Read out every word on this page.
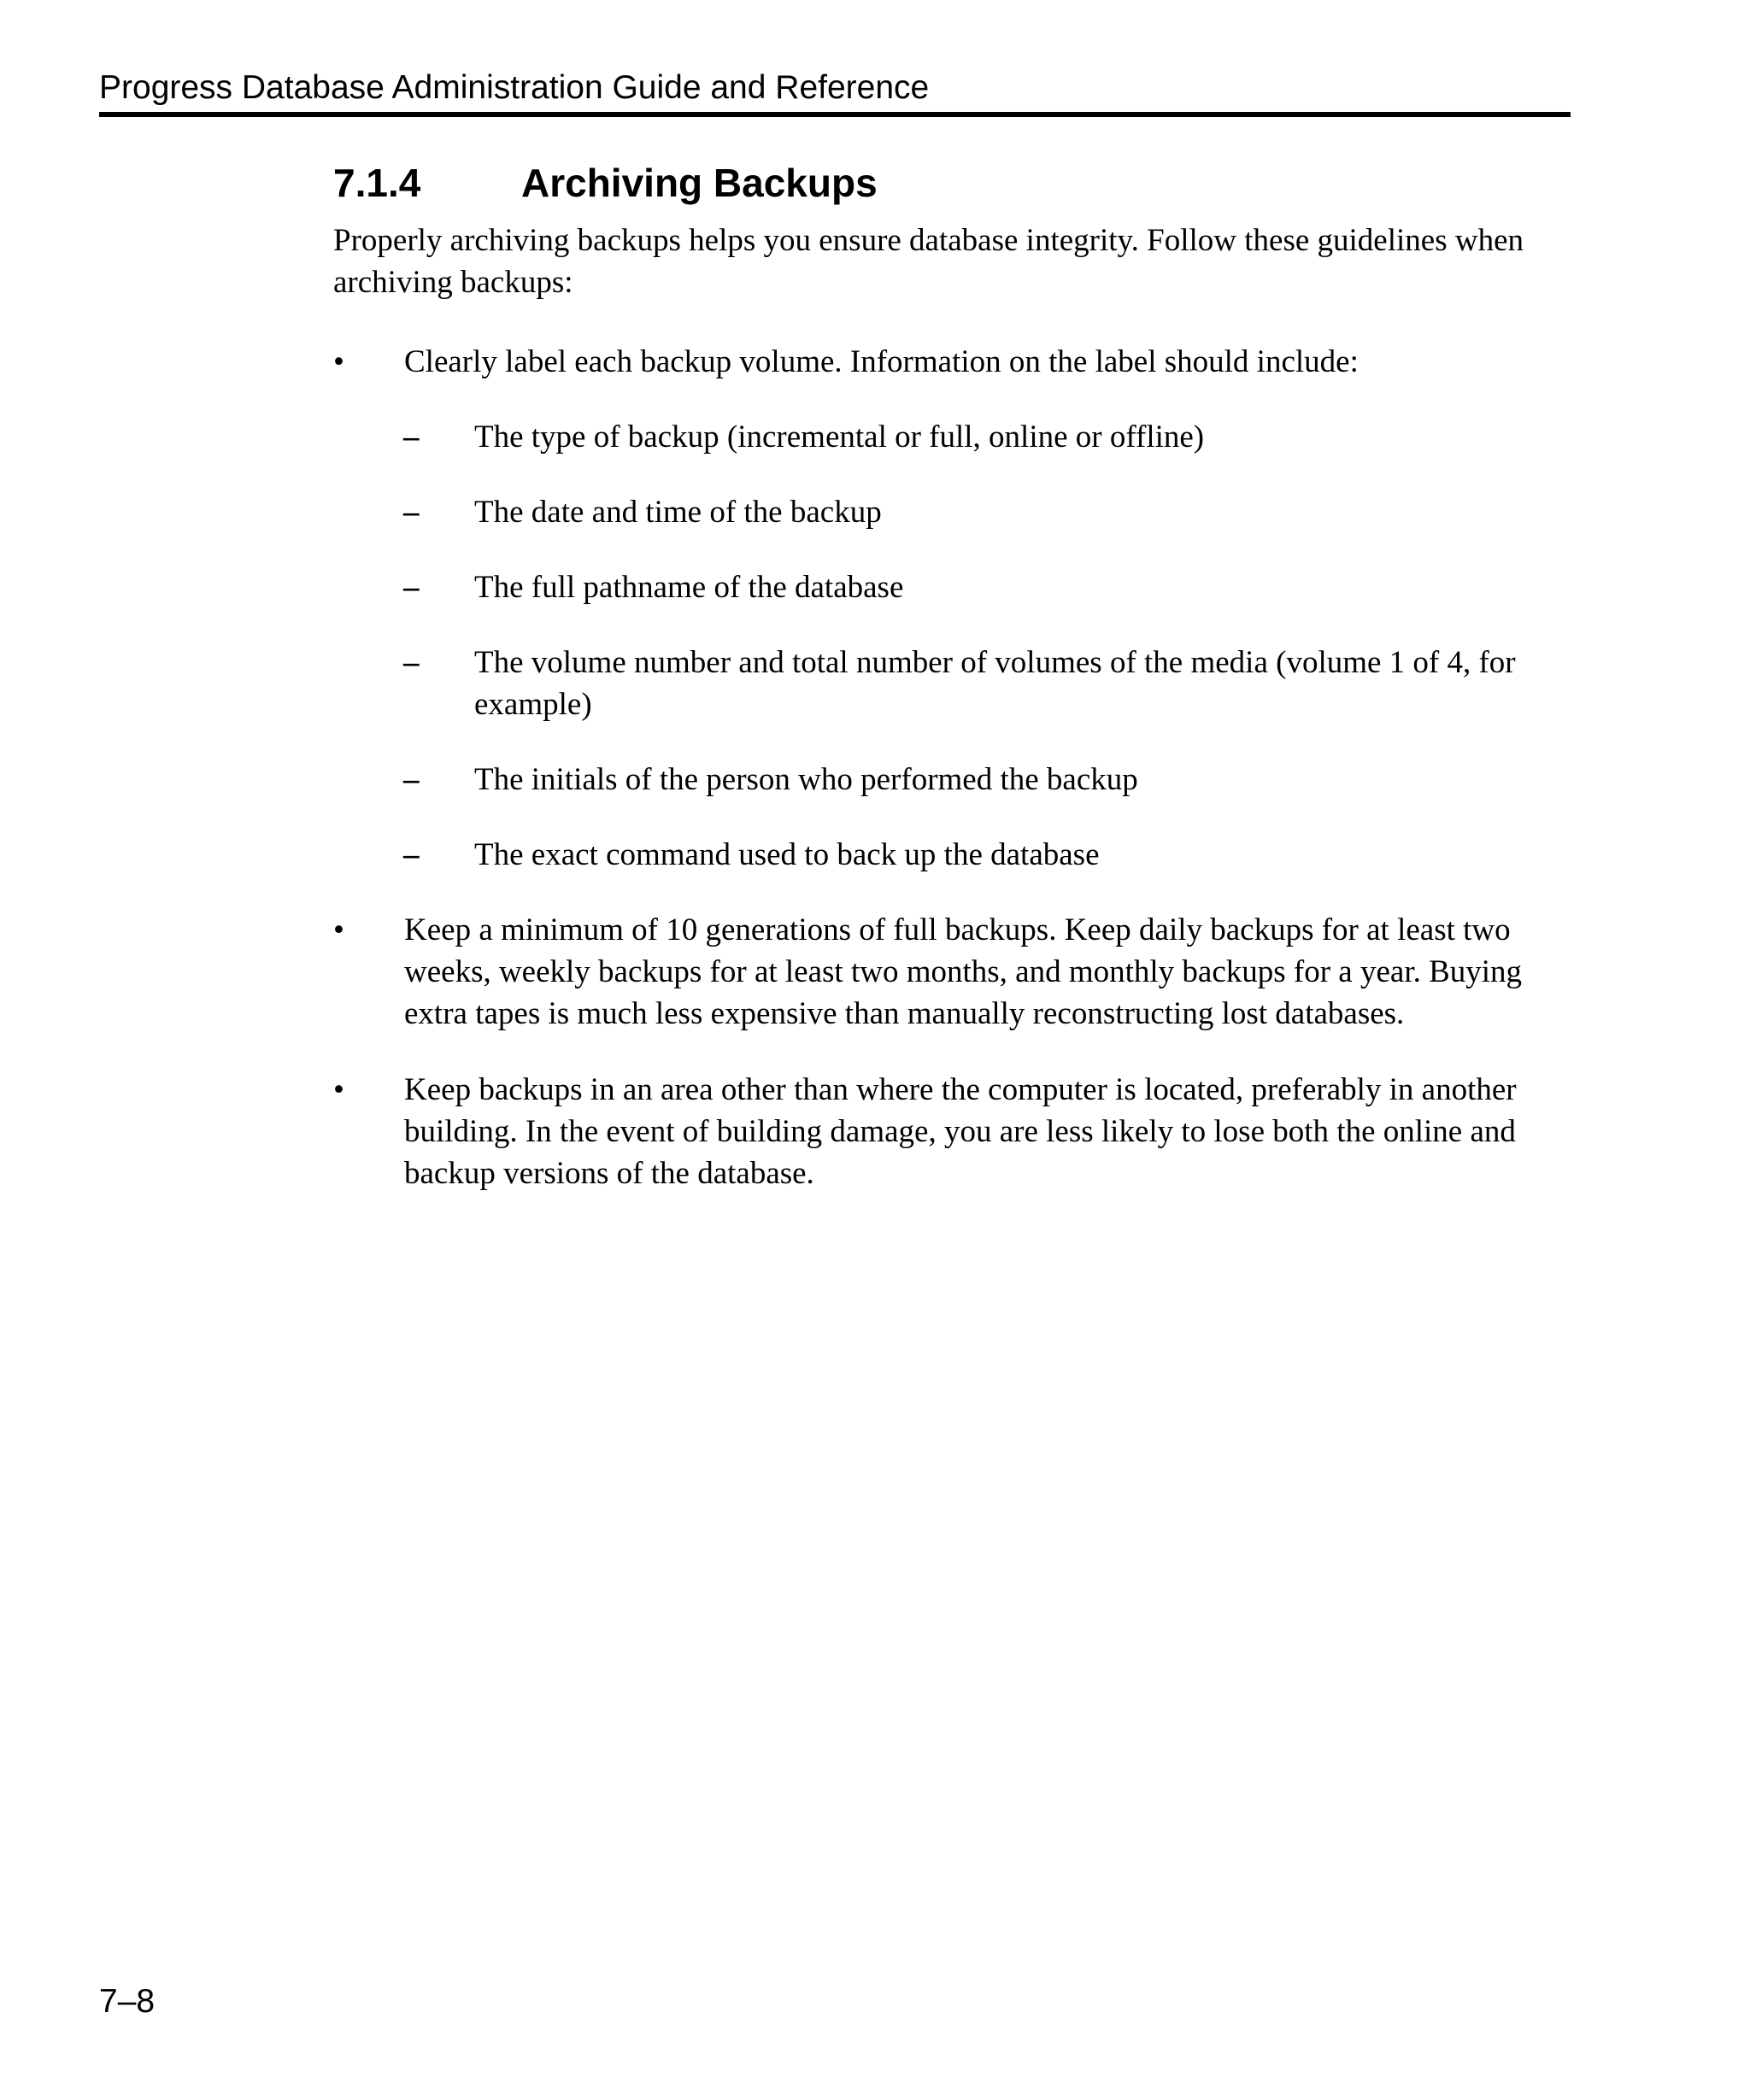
Progress Database Administration Guide and Reference
7.1.4	Archiving Backups
Properly archiving backups helps you ensure database integrity. Follow these guidelines when archiving backups:
• Clearly label each backup volume. Information on the label should include:
– The type of backup (incremental or full, online or offline)
– The date and time of the backup
– The full pathname of the database
– The volume number and total number of volumes of the media (volume 1 of 4, for example)
– The initials of the person who performed the backup
– The exact command used to back up the database
• Keep a minimum of 10 generations of full backups. Keep daily backups for at least two weeks, weekly backups for at least two months, and monthly backups for a year. Buying extra tapes is much less expensive than manually reconstructing lost databases.
• Keep backups in an area other than where the computer is located, preferably in another building. In the event of building damage, you are less likely to lose both the online and backup versions of the database.
7–8
